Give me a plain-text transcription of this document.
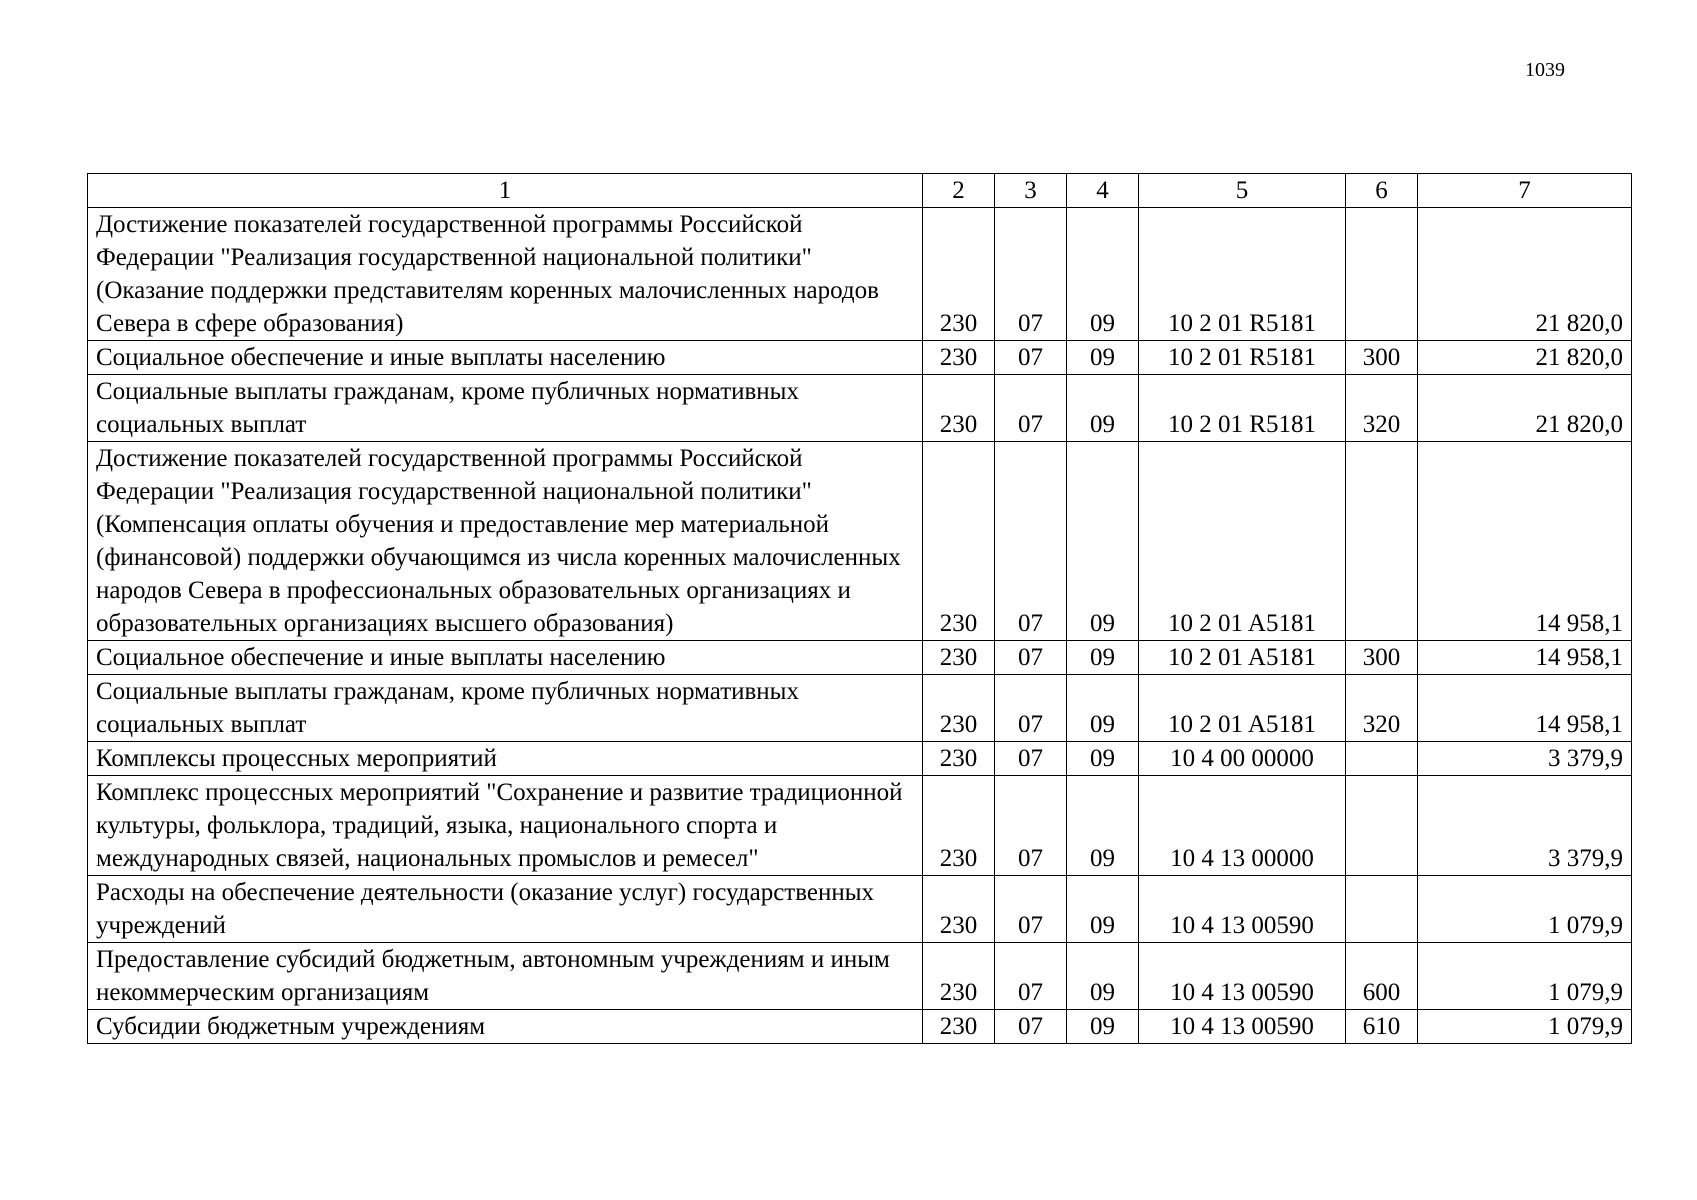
1039
1	2	3	4	5	6	7
Достижение показателей государственной программы Российской Федерации "Реализация государственной национальной политики" (Оказание поддержки представителям коренных малочисленных народов Севера в сфере образования)	230	07	09	10 2 01 R5181		21 820,0
Социальное обеспечение и иные выплаты населению	230	07	09	10 2 01 R5181	300	21 820,0
Социальные выплаты гражданам, кроме публичных нормативных социальных выплат	230	07	09	10 2 01 R5181	320	21 820,0
Достижение показателей государственной программы Российской Федерации "Реализация государственной национальной политики" (Компенсация оплаты обучения и предоставление мер материальной (финансовой) поддержки обучающимся из числа коренных малочисленных народов Севера в профессиональных образовательных организациях и образовательных организациях высшего образования)	230	07	09	10 2 01 A5181		14 958,1
Социальное обеспечение и иные выплаты населению	230	07	09	10 2 01 A5181	300	14 958,1
Социальные выплаты гражданам, кроме публичных нормативных социальных выплат	230	07	09	10 2 01 A5181	320	14 958,1
Комплексы процессных мероприятий	230	07	09	10 4 00 00000		3 379,9
Комплекс процессных мероприятий "Сохранение и развитие традиционной культуры, фольклора, традиций, языка, национального спорта и международных связей, национальных промыслов и ремесел"	230	07	09	10 4 13 00000		3 379,9
Расходы на обеспечение деятельности (оказание услуг) государственных учреждений	230	07	09	10 4 13 00590		1 079,9
Предоставление субсидий бюджетным, автономным учреждениям и иным некоммерческим организациям	230	07	09	10 4 13 00590	600	1 079,9
Субсидии бюджетным учреждениям	230	07	09	10 4 13 00590	610	1 079,9
